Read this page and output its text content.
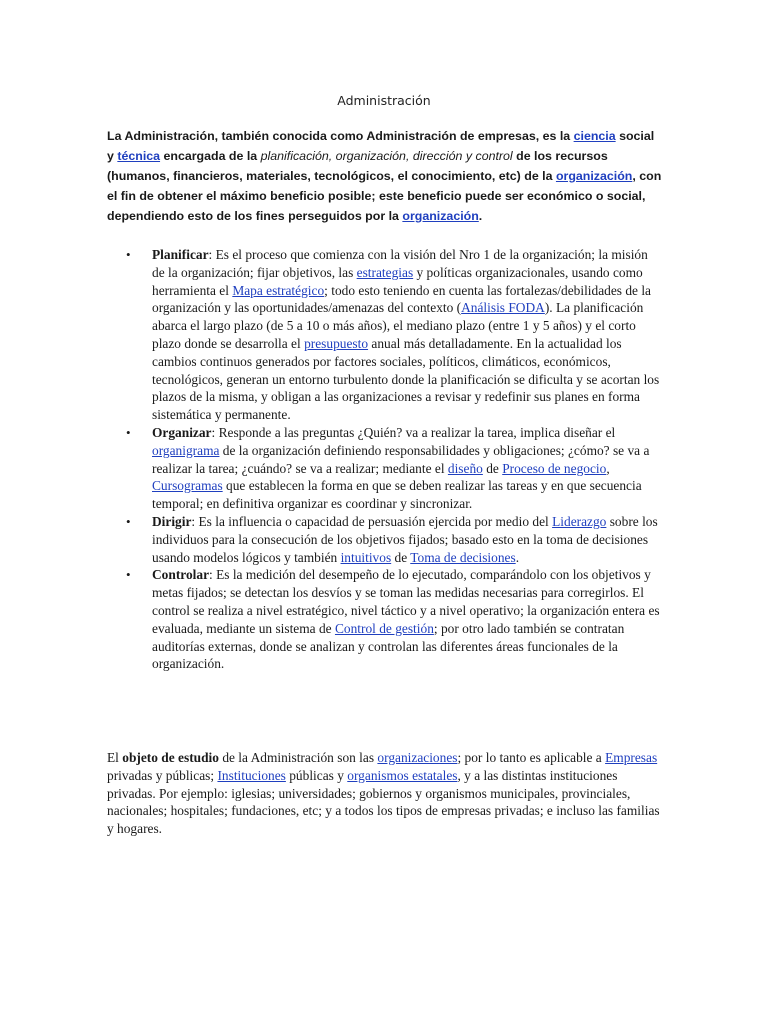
Administración

La Administración, también conocida como Administración de empresas, es la ciencia social y técnica encargada de la planificación, organización, dirección y control de los recursos (humanos, financieros, materiales, tecnológicos, el conocimiento, etc) de la organización, con el fin de obtener el máximo beneficio posible; este beneficio puede ser económico o social, dependiendo esto de los fines perseguidos por la organización.

• Planificar: Es el proceso que comienza con la visión del Nro 1 de la organización; la misión de la organización; fijar objetivos, las estrategias y políticas organizacionales, usando como herramienta el Mapa estratégico; todo esto teniendo en cuenta las fortalezas/debilidades de la organización y las oportunidades/amenazas del contexto (Análisis FODA). La planificación abarca el largo plazo (de 5 a 10 o más años), el mediano plazo (entre 1 y 5 años) y el corto plazo donde se desarrolla el presupuesto anual más detalladamente. En la actualidad los cambios continuos generados por factores sociales, políticos, climáticos, económicos, tecnológicos, generan un entorno turbulento donde la planificación se dificulta y se acortan los plazos de la misma, y obligan a las organizaciones a revisar y redefinir sus planes en forma sistemática y permanente.
• Organizar: Responde a las preguntas ¿Quién? va a realizar la tarea, implica diseñar el organigrama de la organización definiendo responsabilidades y obligaciones; ¿cómo? se va a realizar la tarea; ¿cuándo? se va a realizar; mediante el diseño de Proceso de negocio, Cursogramas que establecen la forma en que se deben realizar las tareas y en que secuencia temporal; en definitiva organizar es coordinar y sincronizar.
• Dirigir: Es la influencia o capacidad de persuasión ejercida por medio del Liderazgo sobre los individuos para la consecución de los objetivos fijados; basado esto en la toma de decisiones usando modelos lógicos y también intuitivos de Toma de decisiones.
• Controlar: Es la medición del desempeño de lo ejecutado, comparándolo con los objetivos y metas fijados; se detectan los desvíos y se toman las medidas necesarias para corregirlos. El control se realiza a nivel estratégico, nivel táctico y a nivel operativo; la organización entera es evaluada, mediante un sistema de Control de gestión; por otro lado también se contratan auditorías externas, donde se analizan y controlan las diferentes áreas funcionales de la organización.

El objeto de estudio de la Administración son las organizaciones; por lo tanto es aplicable a Empresas privadas y públicas; Instituciones públicas y organismos estatales, y a las distintas instituciones privadas. Por ejemplo: iglesias; universidades; gobiernos y organismos municipales, provinciales, nacionales; hospitales; fundaciones, etc; y a todos los tipos de empresas privadas; e incluso las familias y hogares.
